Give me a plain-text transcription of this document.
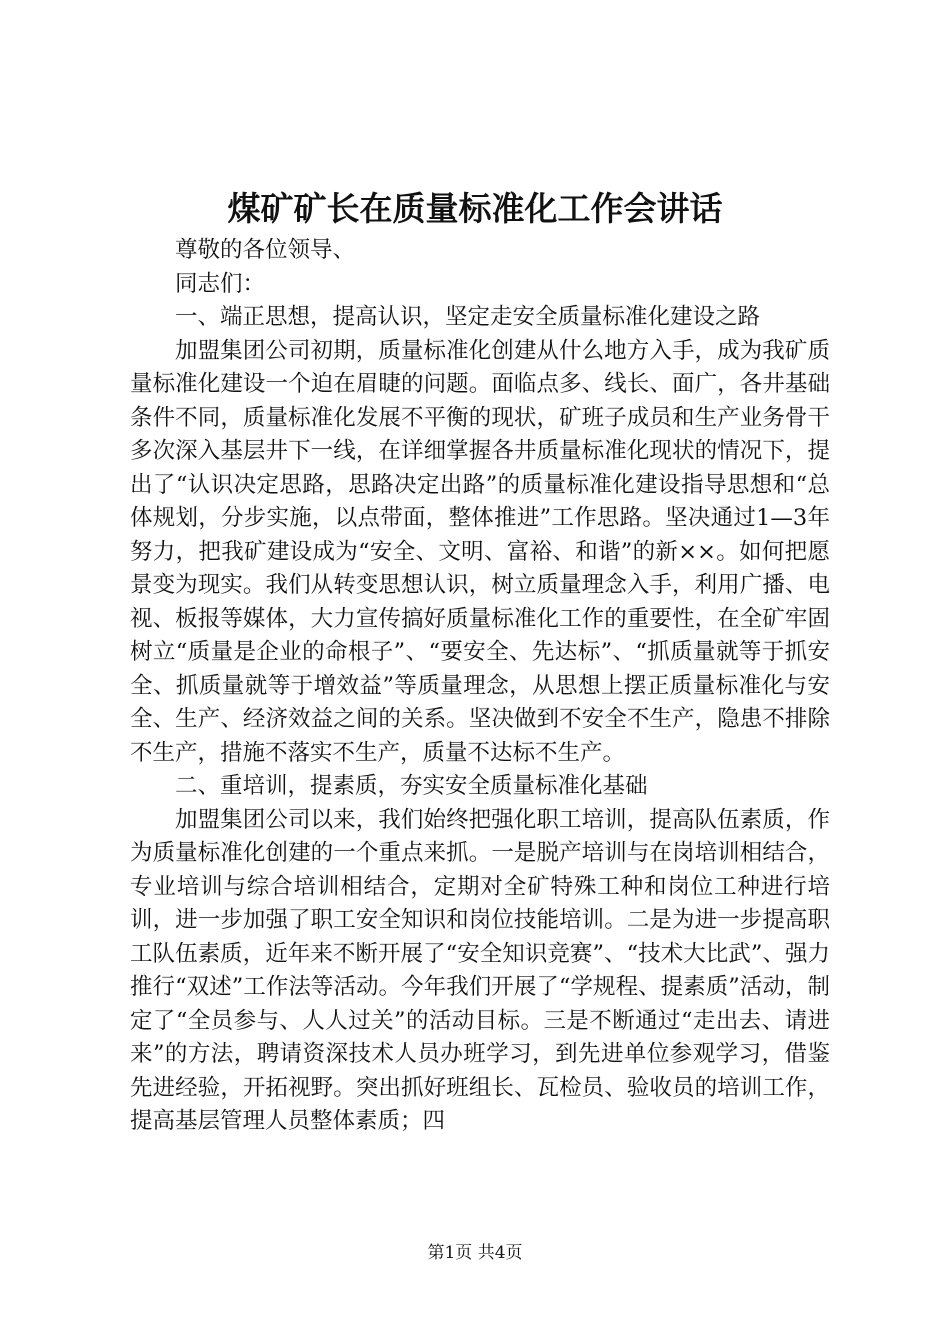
煤矿矿长在质量标准化工作会讲话

尊敬的各位领导、

同志们：

一、端正思想，提高认识，坚定走安全质量标准化建设之路

加盟集团公司初期，质量标准化创建从什么地方入手，成为我矿质量标准化建设一个迫在眉睫的问题。面临点多、线长、面广，各井基础条件不同，质量标准化发展不平衡的现状，矿班子成员和生产业务骨干多次深入基层井下一线，在详细掌握各井质量标准化现状的情况下，提出了“认识决定思路，思路决定出路”的质量标准化建设指导思想和“总体规划，分步实施，以点带面，整体推进”工作思路。坚决通过1—3年努力，把我矿建设成为“安全、文明、富裕、和谐”的新××。如何把愿景变为现实。我们从转变思想认识，树立质量理念入手，利用广播、电视、板报等媒体，大力宣传搞好质量标准化工作的重要性，在全矿牢固树立“质量是企业的命根子”、“要安全、先达标”、“抓质量就等于抓安全、抓质量就等于增效益”等质量理念，从思想上摆正质量标准化与安全、生产、经济效益之间的关系。坚决做到不安全不生产，隐患不排除不生产，措施不落实不生产，质量不达标不生产。

二、重培训，提素质，夯实安全质量标准化基础

加盟集团公司以来，我们始终把强化职工培训，提高队伍素质，作为质量标准化创建的一个重点来抓。一是脱产培训与在岗培训相结合，专业培训与综合培训相结合，定期对全矿特殊工种和岗位工种进行培训，进一步加强了职工安全知识和岗位技能培训。二是为进一步提高职工队伍素质，近年来不断开展了“安全知识竞赛”、“技术大比武”、强力推行“双述”工作法等活动。今年我们开展了“学规程、提素质”活动，制定了“全员参与、人人过关”的活动目标。三是不断通过“走出去、请进来”的方法，聘请资深技术人员办班学习，到先进单位参观学习，借鉴先进经验，开拓视野。突出抓好班组长、瓦检员、验收员的培训工作，提高基层管理人员整体素质；四

第1页 共4页
